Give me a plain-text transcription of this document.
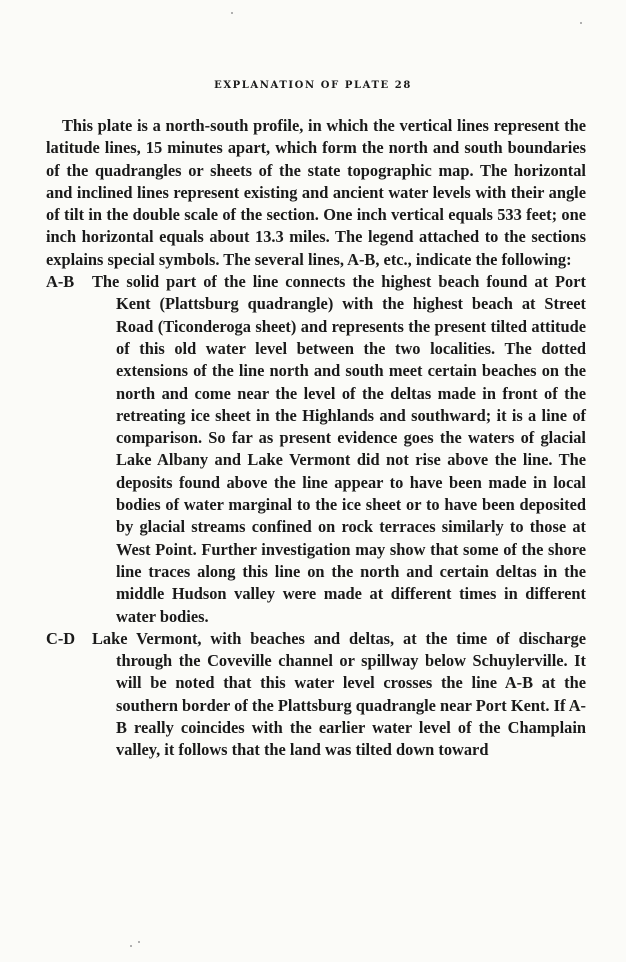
EXPLANATION OF PLATE 28

This plate is a north-south profile, in which the vertical lines represent the latitude lines, 15 minutes apart, which form the north and south boundaries of the quadrangles or sheets of the state topographic map. The horizontal and inclined lines represent existing and ancient water levels with their angle of tilt in the double scale of the section. One inch vertical equals 533 feet; one inch horizontal equals about 13.3 miles. The legend attached to the sections explains special symbols. The several lines, A-B, etc., indicate the following:

A-B The solid part of the line connects the highest beach found at Port Kent (Plattsburg quadrangle) with the highest beach at Street Road (Ticonderoga sheet) and represents the present tilted attitude of this old water level between the two localities. The dotted extensions of the line north and south meet certain beaches on the north and come near the level of the deltas made in front of the retreating ice sheet in the Highlands and southward; it is a line of comparison. So far as present evidence goes the waters of glacial Lake Albany and Lake Vermont did not rise above the line. The deposits found above the line appear to have been made in local bodies of water marginal to the ice sheet or to have been deposited by glacial streams confined on rock terraces similarly to those at West Point. Further investigation may show that some of the shore line traces along this line on the north and certain deltas in the middle Hudson valley were made at different times in different water bodies.

C-D Lake Vermont, with beaches and deltas, at the time of discharge through the Coveville channel or spillway below Schuylerville. It will be noted that this water level crosses the line A-B at the southern border of the Plattsburg quadrangle near Port Kent. If A-B really coincides with the earlier water level of the Champlain valley, it follows that the land was tilted down toward
